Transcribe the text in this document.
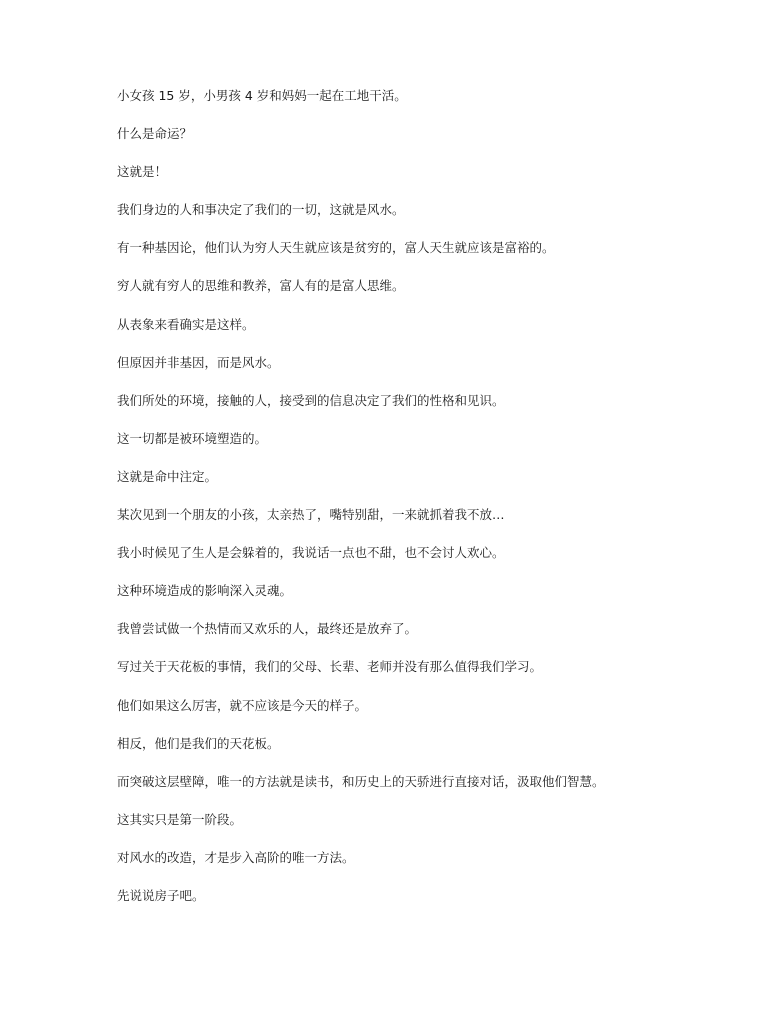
小女孩 15 岁，小男孩 4 岁和妈妈一起在工地干活。

什么是命运？

这就是！

我们身边的人和事决定了我们的一切，这就是风水。

有一种基因论，他们认为穷人天生就应该是贫穷的，富人天生就应该是富裕的。

穷人就有穷人的思维和教养，富人有的是富人思维。

从表象来看确实是这样。

但原因并非基因，而是风水。

我们所处的环境，接触的人，接受到的信息决定了我们的性格和见识。

这一切都是被环境塑造的。

这就是命中注定。

某次见到一个朋友的小孩，太亲热了，嘴特别甜，一来就抓着我不放…

我小时候见了生人是会躲着的，我说话一点也不甜，也不会讨人欢心。

这种环境造成的影响深入灵魂。

我曾尝试做一个热情而又欢乐的人，最终还是放弃了。

写过关于天花板的事情，我们的父母、长辈、老师并没有那么值得我们学习。

他们如果这么厉害，就不应该是今天的样子。

相反，他们是我们的天花板。

而突破这层壁障，唯一的方法就是读书，和历史上的天骄进行直接对话，汲取他们智慧。

这其实只是第一阶段。

对风水的改造，才是步入高阶的唯一方法。

先说说房子吧。
